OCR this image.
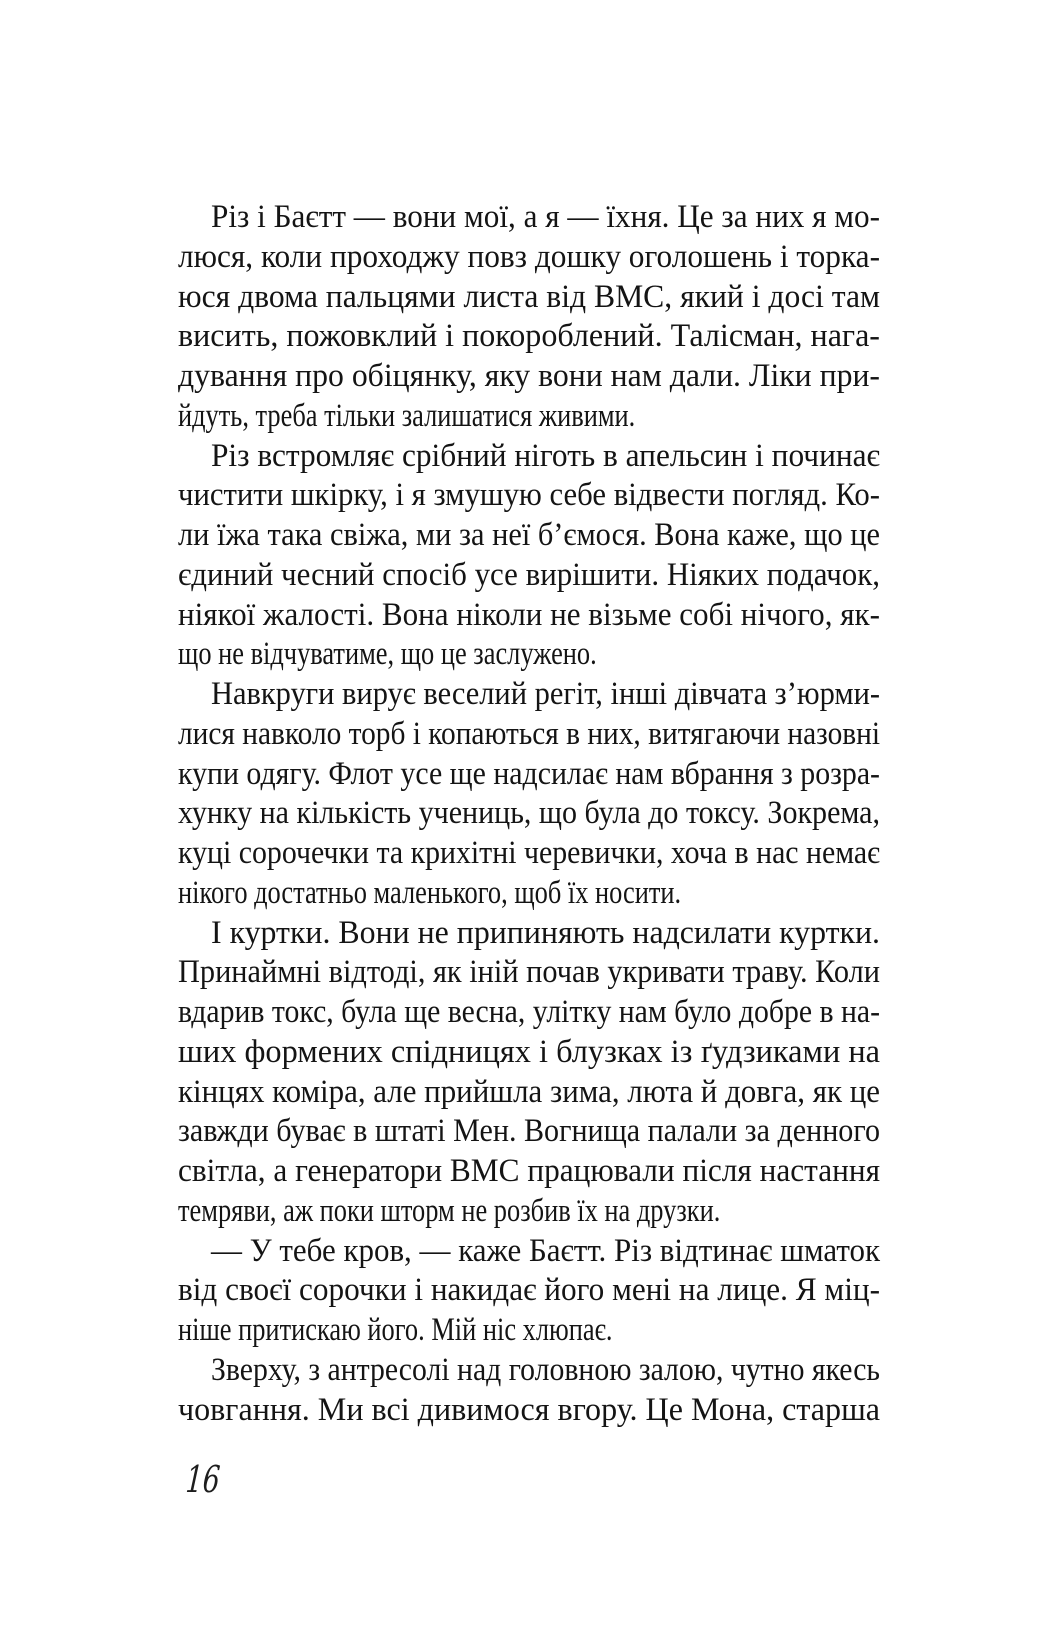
Різ і Баєтт — вони мої, а я — їхня. Це за них я мо-
люся, коли проходжу повз дошку оголошень і торка-
юся двома пальцями листа від ВМС, який і досі там
висить, пожовклий і покороблений. Талісман, нага-
дування про обіцянку, яку вони нам дали. Ліки при-
йдуть, треба тільки залишатися живими.
Різ встромляє срібний ніготь в апельсин і починає
чистити шкірку, і я змушую себе відвести погляд. Ко-
ли їжа така свіжа, ми за неї б’ємося. Вона каже, що це
єдиний чесний спосіб усе вирішити. Ніяких подачок,
ніякої жалості. Вона ніколи не візьме собі нічого, як-
що не відчуватиме, що це заслужено.
Навкруги вирує веселий регіт, інші дівчата з’юрми-
лися навколо торб і копаються в них, витягаючи назовні
купи одягу. Флот усе ще надсилає нам вбрання з розра-
хунку на кількість учениць, що була до токсу. Зокрема,
куці сорочечки та крихітні черевички, хоча в нас немає
нікого достатньо маленького, щоб їх носити.
І куртки. Вони не припиняють надсилати куртки.
Принаймні відтоді, як іній почав укривати траву. Коли
вдарив токс, була ще весна, улітку нам було добре в на-
ших формених спідницях і блузках із ґудзиками на
кінцях коміра, але прийшла зима, люта й довга, як це
завжди буває в штаті Мен. Вогнища палали за денного
світла, а генератори ВМС працювали після настання
темряви, аж поки шторм не розбив їх на друзки.
— У тебе кров, — каже Баєтт. Різ відтинає шматок
від своєї сорочки і накидає його мені на лице. Я міц-
ніше притискаю його. Мій ніс хлюпає.
Зверху, з антресолі над головною залою, чутно якесь
човгання. Ми всі дивимося вгору. Це Мона, старша
16
